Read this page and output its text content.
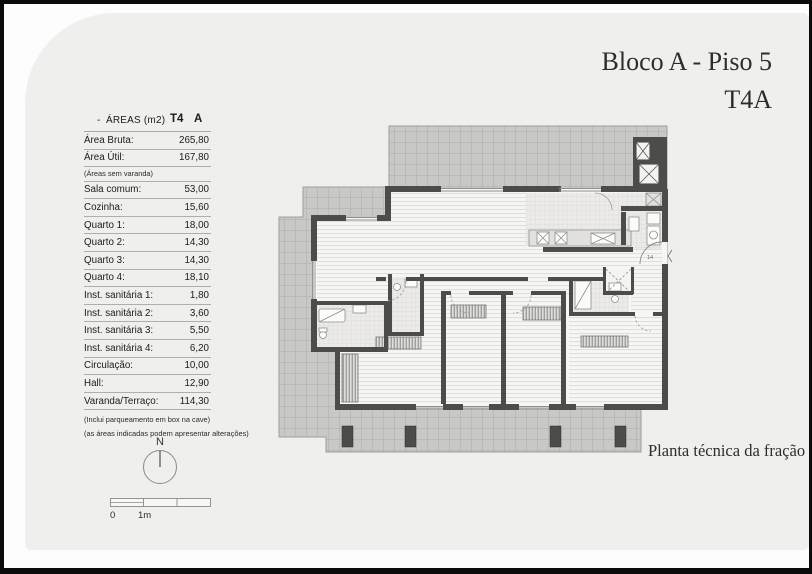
- ÁREAS (m2) T4 A
Área Bruta:	265,80
Área Útil:	167,80
(Áreas sem varanda)
Sala comum:	53,00
Cozinha:	15,60
Quarto 1:	18,00
Quarto 2:	14,30
Quarto 3:	14,30
Quarto 4:	18,10
Inst. sanitária 1:	1,80
Inst. sanitária 2:	3,60
Inst. sanitária 3:	5,50
Inst. sanitária 4:	6,20
Circulação:	10,00
Hall:	12,90
Varanda/Terraço: 114,30
(Inclui parqueamento em box na cave)
(as áreas indicadas podem apresentar alterações)
Bloco A - Piso 5
T4A
14
N
0 1m
Planta técnica da fração
